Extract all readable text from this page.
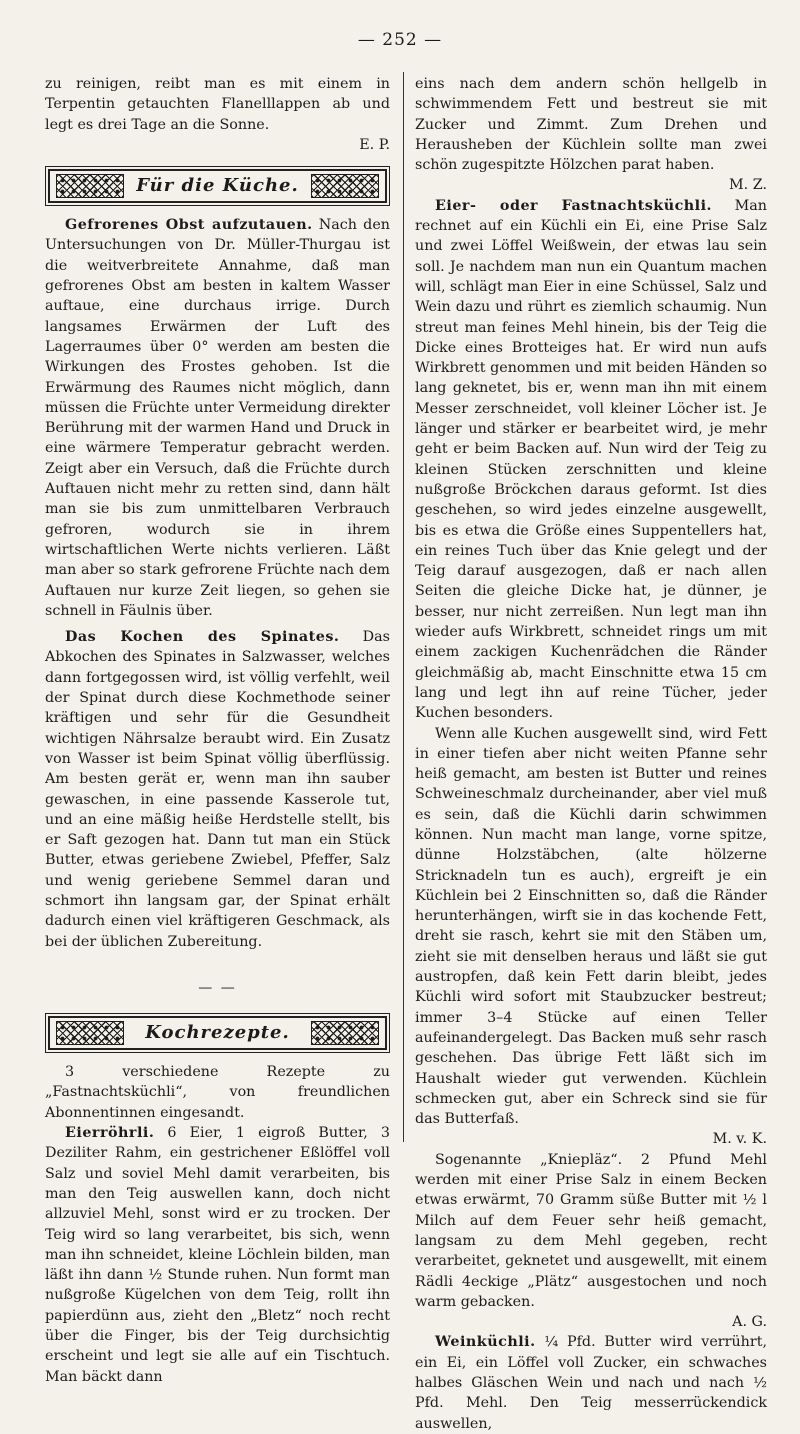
— 252 —

zu reinigen, reibt man es mit einem in Terpentin getauchten Flanelllappen ab und legt es drei Tage an die Sonne.

E. P.

Für die Küche.

Gefrorenes Obst aufzutauen. Nach den Untersuchungen von Dr. Müller-Thurgau ist die weitverbreitete Annahme, daß man gefrorenes Obst am besten in kaltem Wasser auftaue, eine durchaus irrige. Durch langsames Erwärmen der Luft des Lagerraumes über 0° werden am besten die Wirkungen des Frostes gehoben. Ist die Erwärmung des Raumes nicht möglich, dann müssen die Früchte unter Vermeidung direkter Berührung mit der warmen Hand und Druck in eine wärmere Temperatur gebracht werden. Zeigt aber ein Versuch, daß die Früchte durch Auftauen nicht mehr zu retten sind, dann hält man sie bis zum unmittelbaren Verbrauch gefroren, wodurch sie in ihrem wirtschaftlichen Werte nichts verlieren. Läßt man aber so stark gefrorene Früchte nach dem Auftauen nur kurze Zeit liegen, so gehen sie schnell in Fäulnis über.

Das Kochen des Spinates. Das Abkochen des Spinates in Salzwasser, welches dann fortgegossen wird, ist völlig verfehlt, weil der Spinat durch diese Kochmethode seiner kräftigen und sehr für die Gesundheit wichtigen Nährsalze beraubt wird. Ein Zusatz von Wasser ist beim Spinat völlig überflüssig. Am besten gerät er, wenn man ihn sauber gewaschen, in eine passende Kasserole tut, und an eine mäßig heiße Herdstelle stellt, bis er Saft gezogen hat. Dann tut man ein Stück Butter, etwas geriebene Zwiebel, Pfeffer, Salz und wenig geriebene Semmel daran und schmort ihn langsam gar, der Spinat erhält dadurch einen viel kräftigeren Geschmack, als bei der üblichen Zubereitung.

— —
Kochrezepte.

3 verschiedene Rezepte zu „Fastnachtsküchli“, von freundlichen Abonnentinnen eingesandt.

Eierröhrli. 6 Eier, 1 eigroß Butter, 3 Deziliter Rahm, ein gestrichener Eßlöffel voll Salz und soviel Mehl damit verarbeiten, bis man den Teig auswellen kann, doch nicht allzuviel Mehl, sonst wird er zu trocken. Der Teig wird so lang verarbeitet, bis sich, wenn man ihn schneidet, kleine Löchlein bilden, man läßt ihn dann ½ Stunde ruhen. Nun formt man nußgroße Kügelchen von dem Teig, rollt ihn papierdünn aus, zieht den „Bletz“ noch recht über die Finger, bis der Teig durchsichtig erscheint und legt sie alle auf ein Tischtuch. Man bäckt dann

eins nach dem andern schön hellgelb in schwimmendem Fett und bestreut sie mit Zucker und Zimmt. Zum Drehen und Herausheben der Küchlein sollte man zwei schön zugespitzte Hölzchen parat haben.

M. Z.

Eier- oder Fastnachtsküchli. Man rechnet auf ein Küchli ein Ei, eine Prise Salz und zwei Löffel Weißwein, der etwas lau sein soll. Je nachdem man nun ein Quantum machen will, schlägt man Eier in eine Schüssel, Salz und Wein dazu und rührt es ziemlich schaumig. Nun streut man feines Mehl hinein, bis der Teig die Dicke eines Brotteiges hat. Er wird nun aufs Wirkbrett genommen und mit beiden Händen so lang geknetet, bis er, wenn man ihn mit einem Messer zerschneidet, voll kleiner Löcher ist. Je länger und stärker er bearbeitet wird, je mehr geht er beim Backen auf. Nun wird der Teig zu kleinen Stücken zerschnitten und kleine nußgroße Bröckchen daraus geformt. Ist dies geschehen, so wird jedes einzelne ausgewellt, bis es etwa die Größe eines Suppentellers hat, ein reines Tuch über das Knie gelegt und der Teig darauf ausgezogen, daß er nach allen Seiten die gleiche Dicke hat, je dünner, je besser, nur nicht zerreißen. Nun legt man ihn wieder aufs Wirkbrett, schneidet rings um mit einem zackigen Kuchenrädchen die Ränder gleichmäßig ab, macht Einschnitte etwa 15 cm lang und legt ihn auf reine Tücher, jeder Kuchen besonders.

Wenn alle Kuchen ausgewellt sind, wird Fett in einer tiefen aber nicht weiten Pfanne sehr heiß gemacht, am besten ist Butter und reines Schweineschmalz durcheinander, aber viel muß es sein, daß die Küchli darin schwimmen können. Nun macht man lange, vorne spitze, dünne Holzstäbchen, (alte hölzerne Stricknadeln tun es auch), ergreift je ein Küchlein bei 2 Einschnitten so, daß die Ränder herunterhängen, wirft sie in das kochende Fett, dreht sie rasch, kehrt sie mit den Stäben um, zieht sie mit denselben heraus und läßt sie gut austropfen, daß kein Fett darin bleibt, jedes Küchli wird sofort mit Staubzucker bestreut; immer 3–4 Stücke auf einen Teller aufeinandergelegt. Das Backen muß sehr rasch geschehen. Das übrige Fett läßt sich im Haushalt wieder gut verwenden. Küchlein schmecken gut, aber ein Schreck sind sie für das Butterfaß.

M. v. K.

Sogenannte „Kniepläz“. 2 Pfund Mehl werden mit einer Prise Salz in einem Becken etwas erwärmt, 70 Gramm süße Butter mit ½ l Milch auf dem Feuer sehr heiß gemacht, langsam zu dem Mehl gegeben, recht verarbeitet, geknetet und ausgewellt, mit einem Rädli 4eckige „Plätz“ ausgestochen und noch warm gebacken.

A. G.

Weinküchli. ¼ Pfd. Butter wird verrührt, ein Ei, ein Löffel voll Zucker, ein schwaches halbes Gläschen Wein und nach und nach ½ Pfd. Mehl. Den Teig messerrückendick auswellen,
